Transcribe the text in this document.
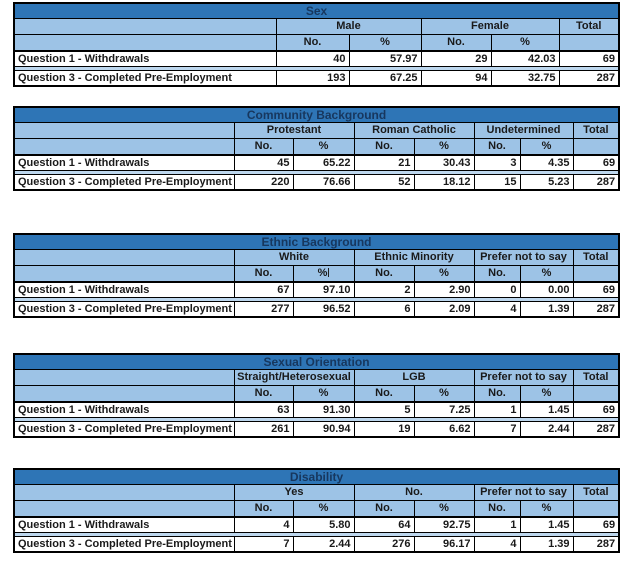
Sex					
	Male		Female		Total
	No.	%	No.	%	
Question 1 - Withdrawals	40	57.97	29	42.03	69

Question 3 - Completed Pre-Employment	193	67.25	94	32.75	287
Community Background							
	Protestant		Roman Catholic		Undetermined		Total
	No.	%	No.	%	No.	%	
Question 1 - Withdrawals	45	65.22	21	30.43	3	4.35	69

Question 3 - Completed Pre-Employment	220	76.66	52	18.12	15	5.23	287
Ethnic Background							
	White		Ethnic Minority		Prefer not to say		Total
	No.	%	No.	%	No.	%	
Question 1 - Withdrawals	67	97.10	2	2.90	0	0.00	69

Question 3 - Completed Pre-Employment	277	96.52	6	2.09	4	1.39	287
Sexual Orientation							
	Straight/Heterosexual		LGB		Prefer not to say		Total
	No.	%	No.	%	No.	%	
Question 1 - Withdrawals	63	91.30	5	7.25	1	1.45	69

Question 3 - Completed Pre-Employment	261	90.94	19	6.62	7	2.44	287
Disability							
	Yes		No.		Prefer not to say		Total
	No.	%	No.	%	No.	%	
Question 1 - Withdrawals	4	5.80	64	92.75	1	1.45	69

Question 3 - Completed Pre-Employment	7	2.44	276	96.17	4	1.39	287
